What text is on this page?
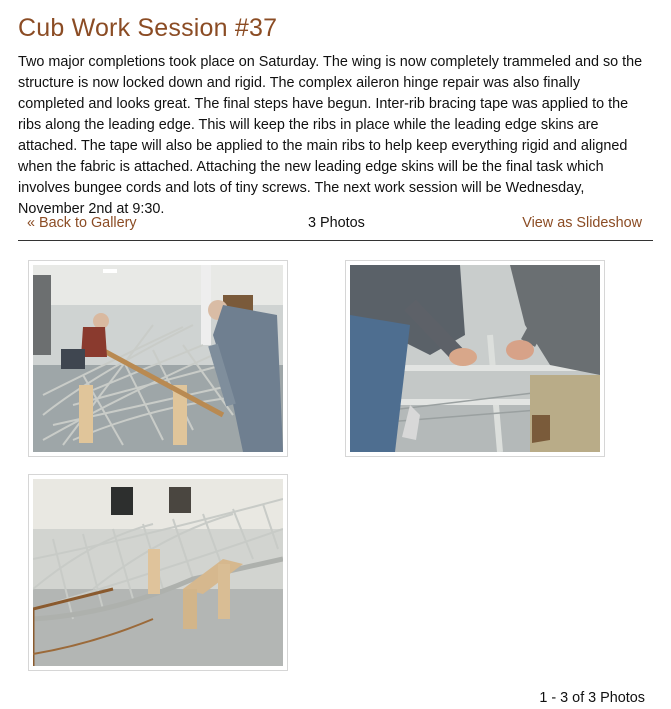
Cub Work Session #37

Two major completions took place on Saturday. The wing is now completely trammeled and so the structure is now locked down and rigid. The complex aileron hinge repair was also finally completed and looks great. The final steps have begun. Inter-rib bracing tape was applied to the ribs along the leading edge. This will keep the ribs in place while the leading edge skins are attached. The tape will also be applied to the main ribs to help keep everything rigid and aligned when the fabric is attached. Attaching the new leading edge skins will be the final task which involves bungee cords and lots of tiny screws. The next work session will be Wednesday, November 2nd at 9:30.

« Back to Gallery	3 Photos	View as Slideshow
1 - 3 of 3 Photos
